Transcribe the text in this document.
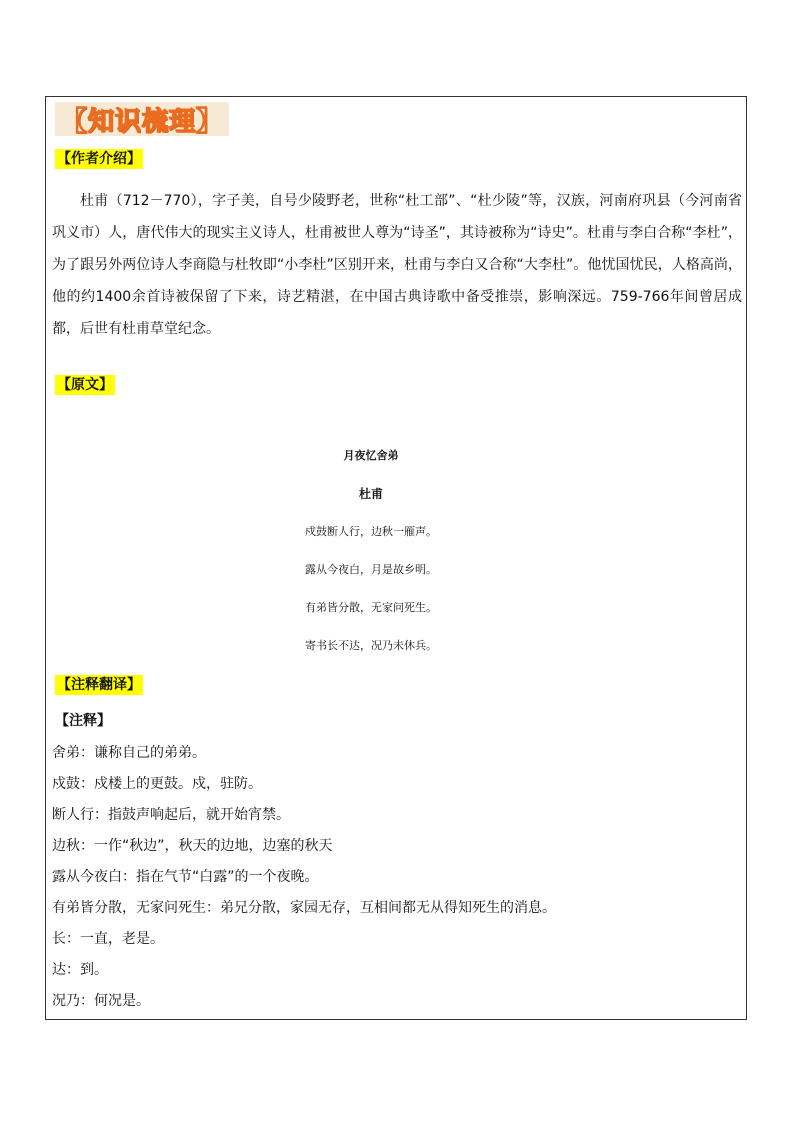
【知识梳理】
【作者介绍】

杜甫（712－770），字子美，自号少陵野老，世称“杜工部”、“杜少陵”等，汉族，河南府巩县（今河南省巩义市）人，唐代伟大的现实主义诗人，杜甫被世人尊为“诗圣”，其诗被称为“诗史”。杜甫与李白合称“李杜”，为了跟另外两位诗人李商隐与杜牧即“小李杜”区别开来，杜甫与李白又合称“大李杜”。他忧国忧民，人格高尚，他的约1400余首诗被保留了下来，诗艺精湛，在中国古典诗歌中备受推崇，影响深远。759-766年间曾居成都，后世有杜甫草堂纪念。

【原文】
月夜忆舍弟
杜甫
戍鼓断人行，边秋一雁声。
露从今夜白，月是故乡明。
有弟皆分散，无家问死生。
寄书长不达，况乃未休兵。
【注释翻译】
【注释】
舍弟：谦称自己的弟弟。
戍鼓：戍楼上的更鼓。戍，驻防。
断人行：指鼓声响起后，就开始宵禁。
边秋：一作“秋边”，秋天的边地，边塞的秋天
露从今夜白：指在气节“白露”的一个夜晚。
有弟皆分散，无家问死生：弟兄分散，家园无存，互相间都无从得知死生的消息。
长：一直，老是。
达：到。
况乃：何况是。
